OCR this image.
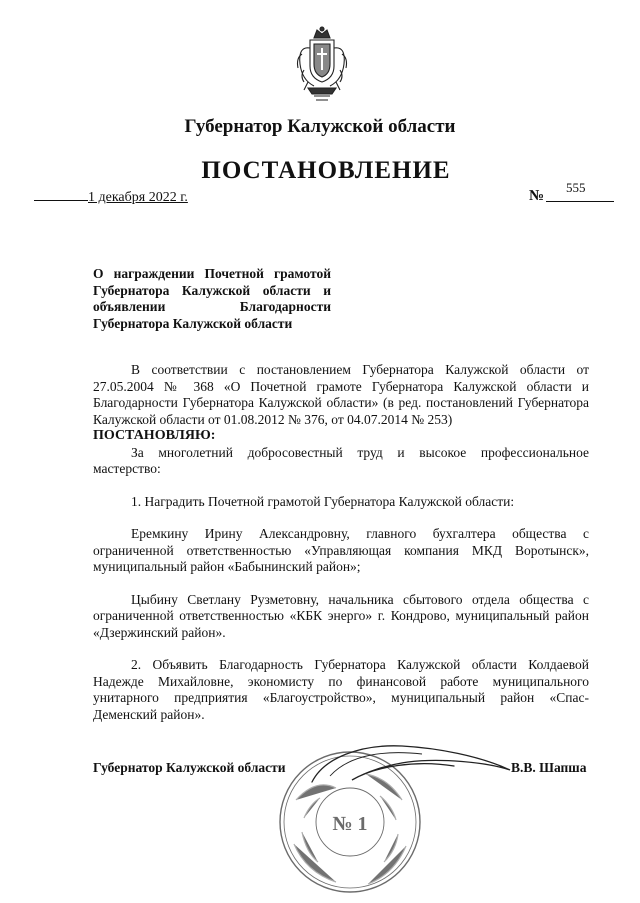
Губернатор Калужской области
ПОСТАНОВЛЕНИЕ
1 декабря 2022 г.	№
555
О награждении Почетной грамотой Губернатора Калужской области и объявлении Благодарности Губернатора Калужской области

В соответствии с постановлением Губернатора Калужской области от 27.05.2004 № 368 «О Почетной грамоте Губернатора Калужской области и Благодарности Губернатора Калужской области» (в ред. постановлений Губернатора Калужской области от 01.08.2012 № 376, от 04.07.2014 № 253)

ПОСТАНОВЛЯЮ:

За многолетний добросовестный труд и высокое профессиональное мастерство:

1. Наградить Почетной грамотой Губернатора Калужской области:

Еремкину Ирину Александровну, главного бухгалтера общества с ограниченной ответственностью «Управляющая компания МКД Воротынск», муниципальный район «Бабынинский район»;

Цыбину Светлану Рузметовну, начальника сбытового отдела общества с ограниченной ответственностью «КБК энерго» г. Кондрово, муниципальный район «Дзержинский район».

2. Объявить Благодарность Губернатора Калужской области Колдаевой Надежде Михайловне, экономисту по финансовой работе муниципального унитарного предприятия «Благоустройство», муниципальный район «Спас-Деменский район».

№ 1
Губернатор Калужской области	В.В. Шапша
